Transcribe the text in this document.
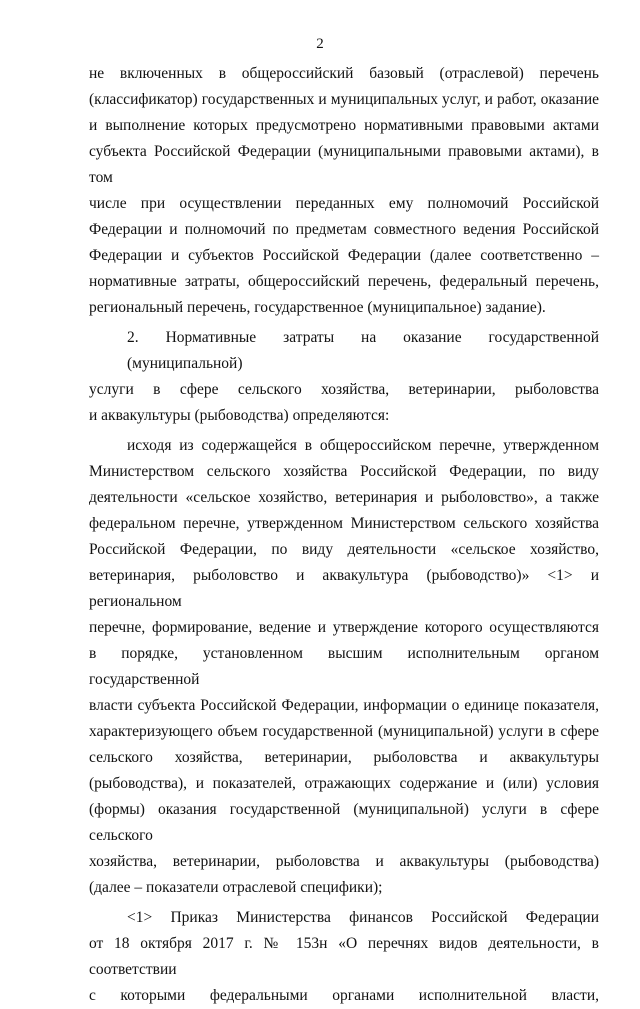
2
не включенных в общероссийский базовый (отраслевой) перечень
(классификатор) государственных и муниципальных услуг, и работ, оказание
и выполнение которых предусмотрено нормативными правовыми актами
субъекта Российской Федерации (муниципальными правовыми актами), в том
числе при осуществлении переданных ему полномочий Российской
Федерации и полномочий по предметам совместного ведения Российской
Федерации и субъектов Российской Федерации (далее соответственно –
нормативные затраты, общероссийский перечень, федеральный перечень,
региональный перечень, государственное (муниципальное) задание).
2. Нормативные затраты на оказание государственной (муниципальной)
услуги в сфере сельского хозяйства, ветеринарии, рыболовства
и аквакультуры (рыбоводства) определяются:
исходя из содержащейся в общероссийском перечне, утвержденном
Министерством сельского хозяйства Российской Федерации, по виду
деятельности «сельское хозяйство, ветеринария и рыболовство», а также
федеральном перечне, утвержденном Министерством сельского хозяйства
Российской Федерации, по виду деятельности «сельское хозяйство,
ветеринария, рыболовство и аквакультура (рыбоводство)» <1> и региональном
перечне, формирование, ведение и утверждение которого осуществляются
в порядке, установленном высшим исполнительным органом государственной
власти субъекта Российской Федерации, информации о единице показателя,
характеризующего объем государственной (муниципальной) услуги в сфере
сельского хозяйства, ветеринарии, рыболовства и аквакультуры
(рыбоводства), и показателей, отражающих содержание и (или) условия
(формы) оказания государственной (муниципальной) услуги в сфере сельского
хозяйства, ветеринарии, рыболовства и аквакультуры (рыбоводства)
(далее – показатели отраслевой специфики);
<1> Приказ Министерства финансов Российской Федерации
от 18 октября 2017 г. № 153н «О перечнях видов деятельности, в соответствии
с которыми федеральными органами исполнительной власти,
